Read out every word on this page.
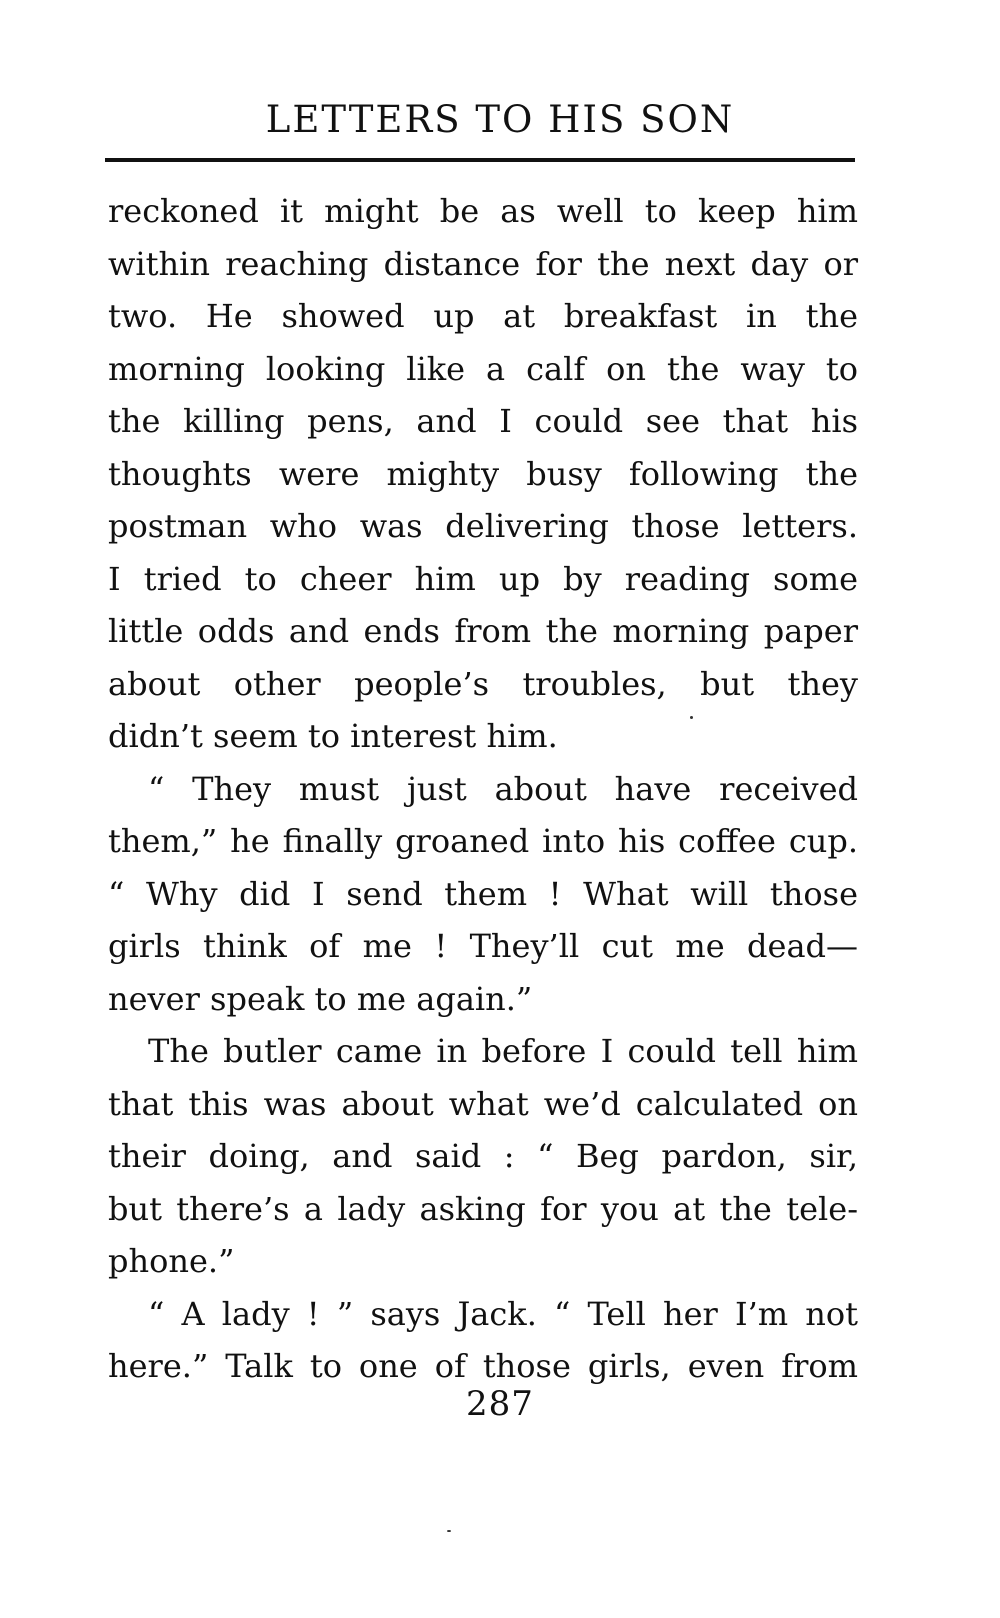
LETTERS TO HIS SON
reckoned it might be as well to keep him
within reaching distance for the next day or
two. He showed up at breakfast in the
morning looking like a calf on the way to
the killing pens, and I could see that his
thoughts were mighty busy following the
postman who was delivering those letters.
I tried to cheer him up by reading some
little odds and ends from the morning paper
about other people’s troubles, but they
didn’t seem to interest him.
“ They must just about have received
them,” he finally groaned into his coffee cup.
“ Why did I send them ! What will those
girls think of me ! They’ll cut me dead—
never speak to me again.”
The butler came in before I could tell him
that this was about what we’d calculated on
their doing, and said : “ Beg pardon, sir,
but there’s a lady asking for you at the tele-
phone.”
“ A lady ! ” says Jack. “ Tell her I’m not
here.” Talk to one of those girls, even from
287
